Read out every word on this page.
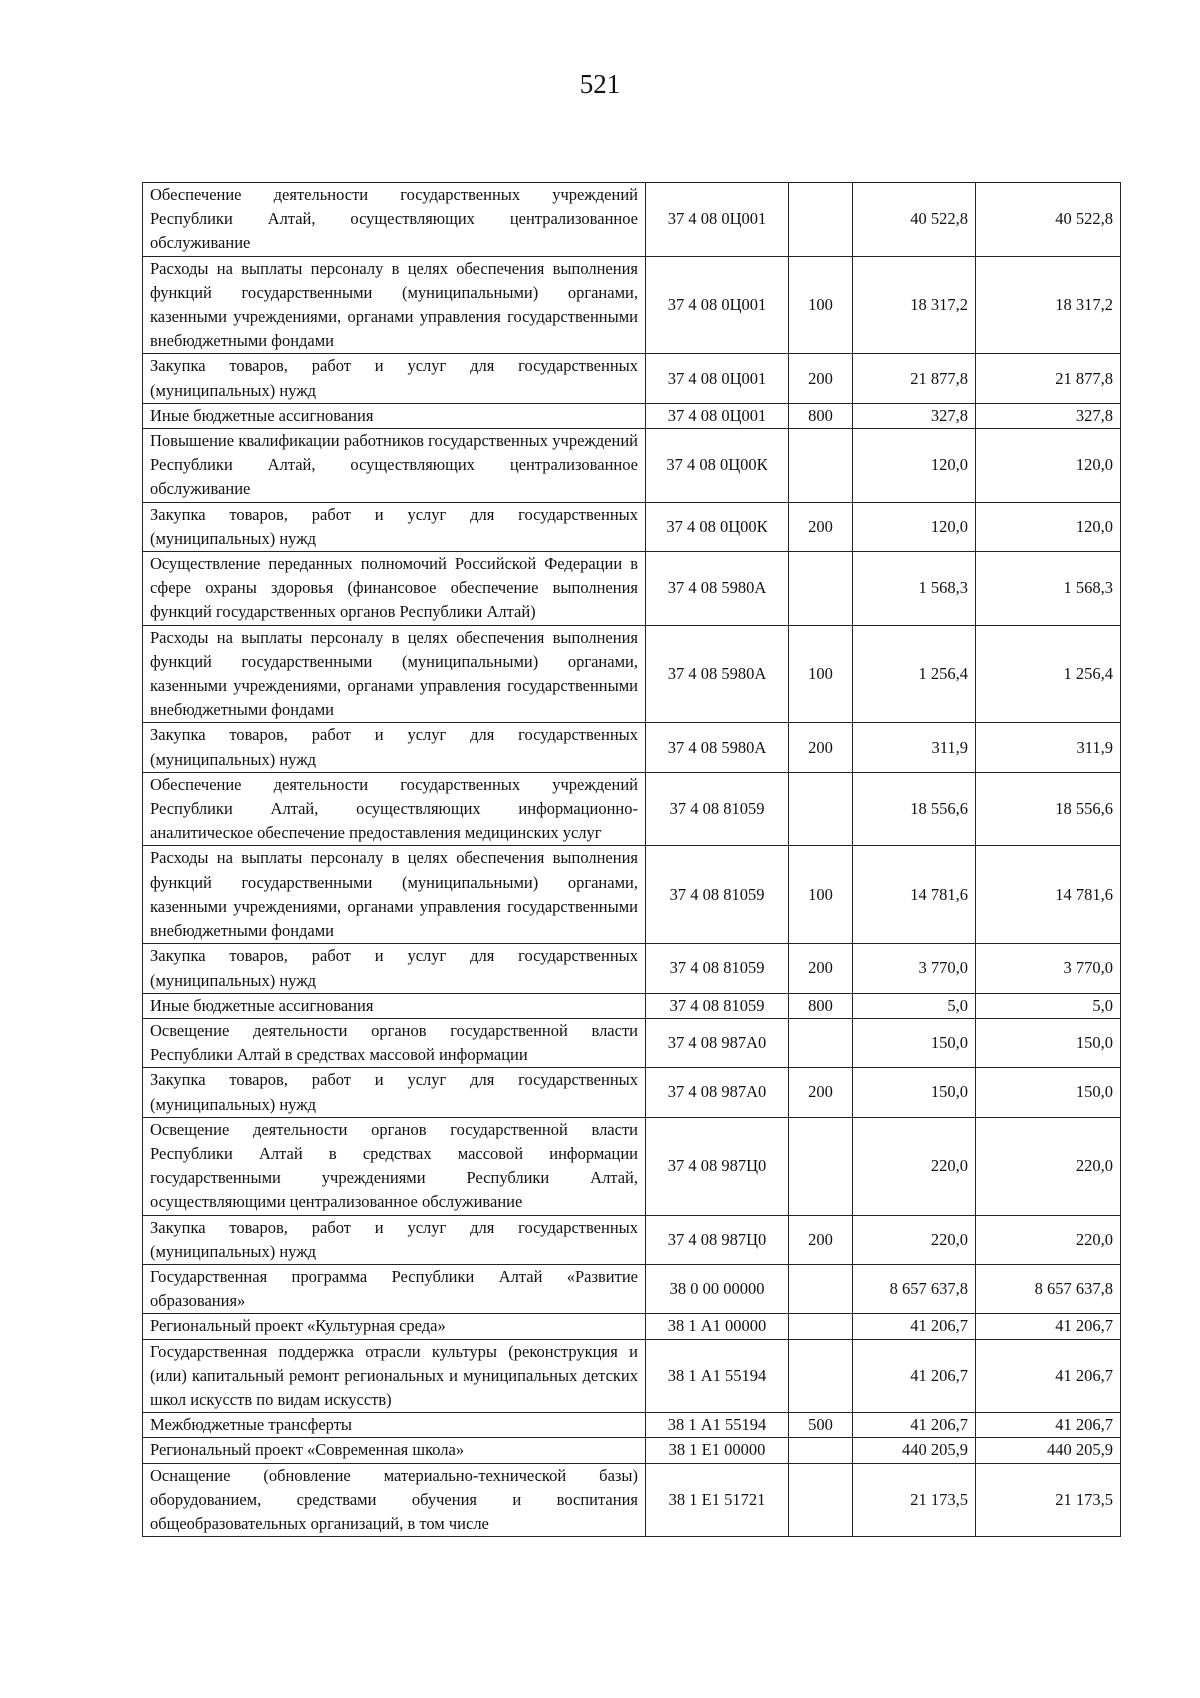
521
Обеспечение деятельности государственных учреждений Республики Алтай, осуществляющих централизованное обслуживание	37 4 08 0Ц001		40 522,8	40 522,8
Расходы на выплаты персоналу в целях обеспечения выполнения функций государственными (муниципальными) органами, казенными учреждениями, органами управления государственными внебюджетными фондами	37 4 08 0Ц001	100	18 317,2	18 317,2
Закупка товаров, работ и услуг для государственных (муниципальных) нужд	37 4 08 0Ц001	200	21 877,8	21 877,8
Иные бюджетные ассигнования	37 4 08 0Ц001	800	327,8	327,8
Повышение квалификации работников государственных учреждений Республики Алтай, осуществляющих централизованное обслуживание	37 4 08 0Ц00К		120,0	120,0
Закупка товаров, работ и услуг для государственных (муниципальных) нужд	37 4 08 0Ц00К	200	120,0	120,0
Осуществление переданных полномочий Российской Федерации в сфере охраны здоровья (финансовое обеспечение выполнения функций государственных органов Республики Алтай)	37 4 08 5980А		1 568,3	1 568,3
Расходы на выплаты персоналу в целях обеспечения выполнения функций государственными (муниципальными) органами, казенными учреждениями, органами управления государственными внебюджетными фондами	37 4 08 5980А	100	1 256,4	1 256,4
Закупка товаров, работ и услуг для государственных (муниципальных) нужд	37 4 08 5980А	200	311,9	311,9
Обеспечение деятельности государственных учреждений Республики Алтай, осуществляющих информационно-аналитическое обеспечение предоставления медицинских услуг	37 4 08 81059		18 556,6	18 556,6
Расходы на выплаты персоналу в целях обеспечения выполнения функций государственными (муниципальными) органами, казенными учреждениями, органами управления государственными внебюджетными фондами	37 4 08 81059	100	14 781,6	14 781,6
Закупка товаров, работ и услуг для государственных (муниципальных) нужд	37 4 08 81059	200	3 770,0	3 770,0
Иные бюджетные ассигнования	37 4 08 81059	800	5,0	5,0
Освещение деятельности органов государственной власти Республики Алтай в средствах массовой информации	37 4 08 987А0		150,0	150,0
Закупка товаров, работ и услуг для государственных (муниципальных) нужд	37 4 08 987А0	200	150,0	150,0
Освещение деятельности органов государственной власти Республики Алтай в средствах массовой информации государственными учреждениями Республики Алтай, осуществляющими централизованное обслуживание	37 4 08 987Ц0		220,0	220,0
Закупка товаров, работ и услуг для государственных (муниципальных) нужд	37 4 08 987Ц0	200	220,0	220,0
Государственная программа Республики Алтай «Развитие образования»	38 0 00 00000		8 657 637,8	8 657 637,8
Региональный проект «Культурная среда»	38 1 А1 00000		41 206,7	41 206,7
Государственная поддержка отрасли культуры (реконструкция и (или) капитальный ремонт региональных и муниципальных детских школ искусств по видам искусств)	38 1 А1 55194		41 206,7	41 206,7
Межбюджетные трансферты	38 1 А1 55194	500	41 206,7	41 206,7
Региональный проект «Современная школа»	38 1 Е1 00000		440 205,9	440 205,9
Оснащение (обновление материально-технической базы) оборудованием, средствами обучения и воспитания общеобразовательных организаций, в том числе	38 1 Е1 51721		21 173,5	21 173,5
